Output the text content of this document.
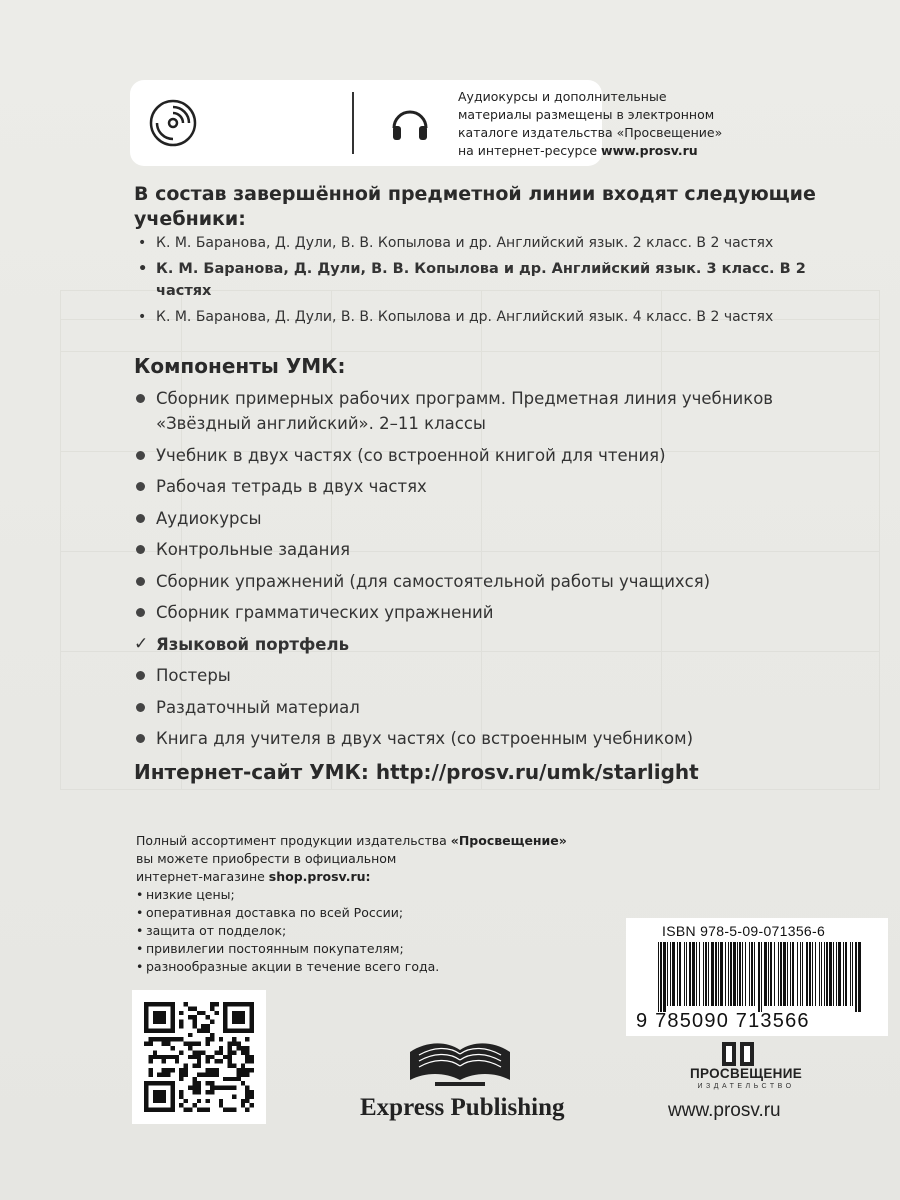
Аудиокурсы и дополнительные
материалы размещены в электронном
каталоге издательства «Просвещение»
на интернет-ресурсе www.prosv.ru
В состав завершённой предметной линии входят следующие учебники:
• К. М. Баранова, Д. Дули, В. В. Копылова и др. Английский язык. 2 класс. В 2 частях
• К. М. Баранова, Д. Дули, В. В. Копылова и др. Английский язык. 3 класс. В 2 частях
• К. М. Баранова, Д. Дули, В. В. Копылова и др. Английский язык. 4 класс. В 2 частях
Компоненты УМК:
Сборник примерных рабочих программ. Предметная линия учебников «Звёздный английский». 2–11 классы
Учебник в двух частях (со встроенной книгой для чтения)
Рабочая тетрадь в двух частях
Аудиокурсы
Контрольные задания
Сборник упражнений (для самостоятельной работы учащихся)
Сборник грамматических упражнений
✓ Языковой портфель
Постеры
Раздаточный материал
Книга для учителя в двух частях (со встроенным учебником)
Интернет-сайт УМК: http://prosv.ru/umk/starlight
Полный ассортимент продукции издательства «Просвещение»
вы можете приобрести в официальном
интернет-магазине shop.prosv.ru:
• низкие цены;
• оперативная доставка по всей России;
• защита от подделок;
• привилегии постоянным покупателям;
• разнообразные акции в течение всего года.
ISBN 978-5-09-071356-6
9 785090 713566
Express Publishing
ПРОСВЕЩЕНИЕ
ИЗДАТЕЛЬСТВО
www.prosv.ru
